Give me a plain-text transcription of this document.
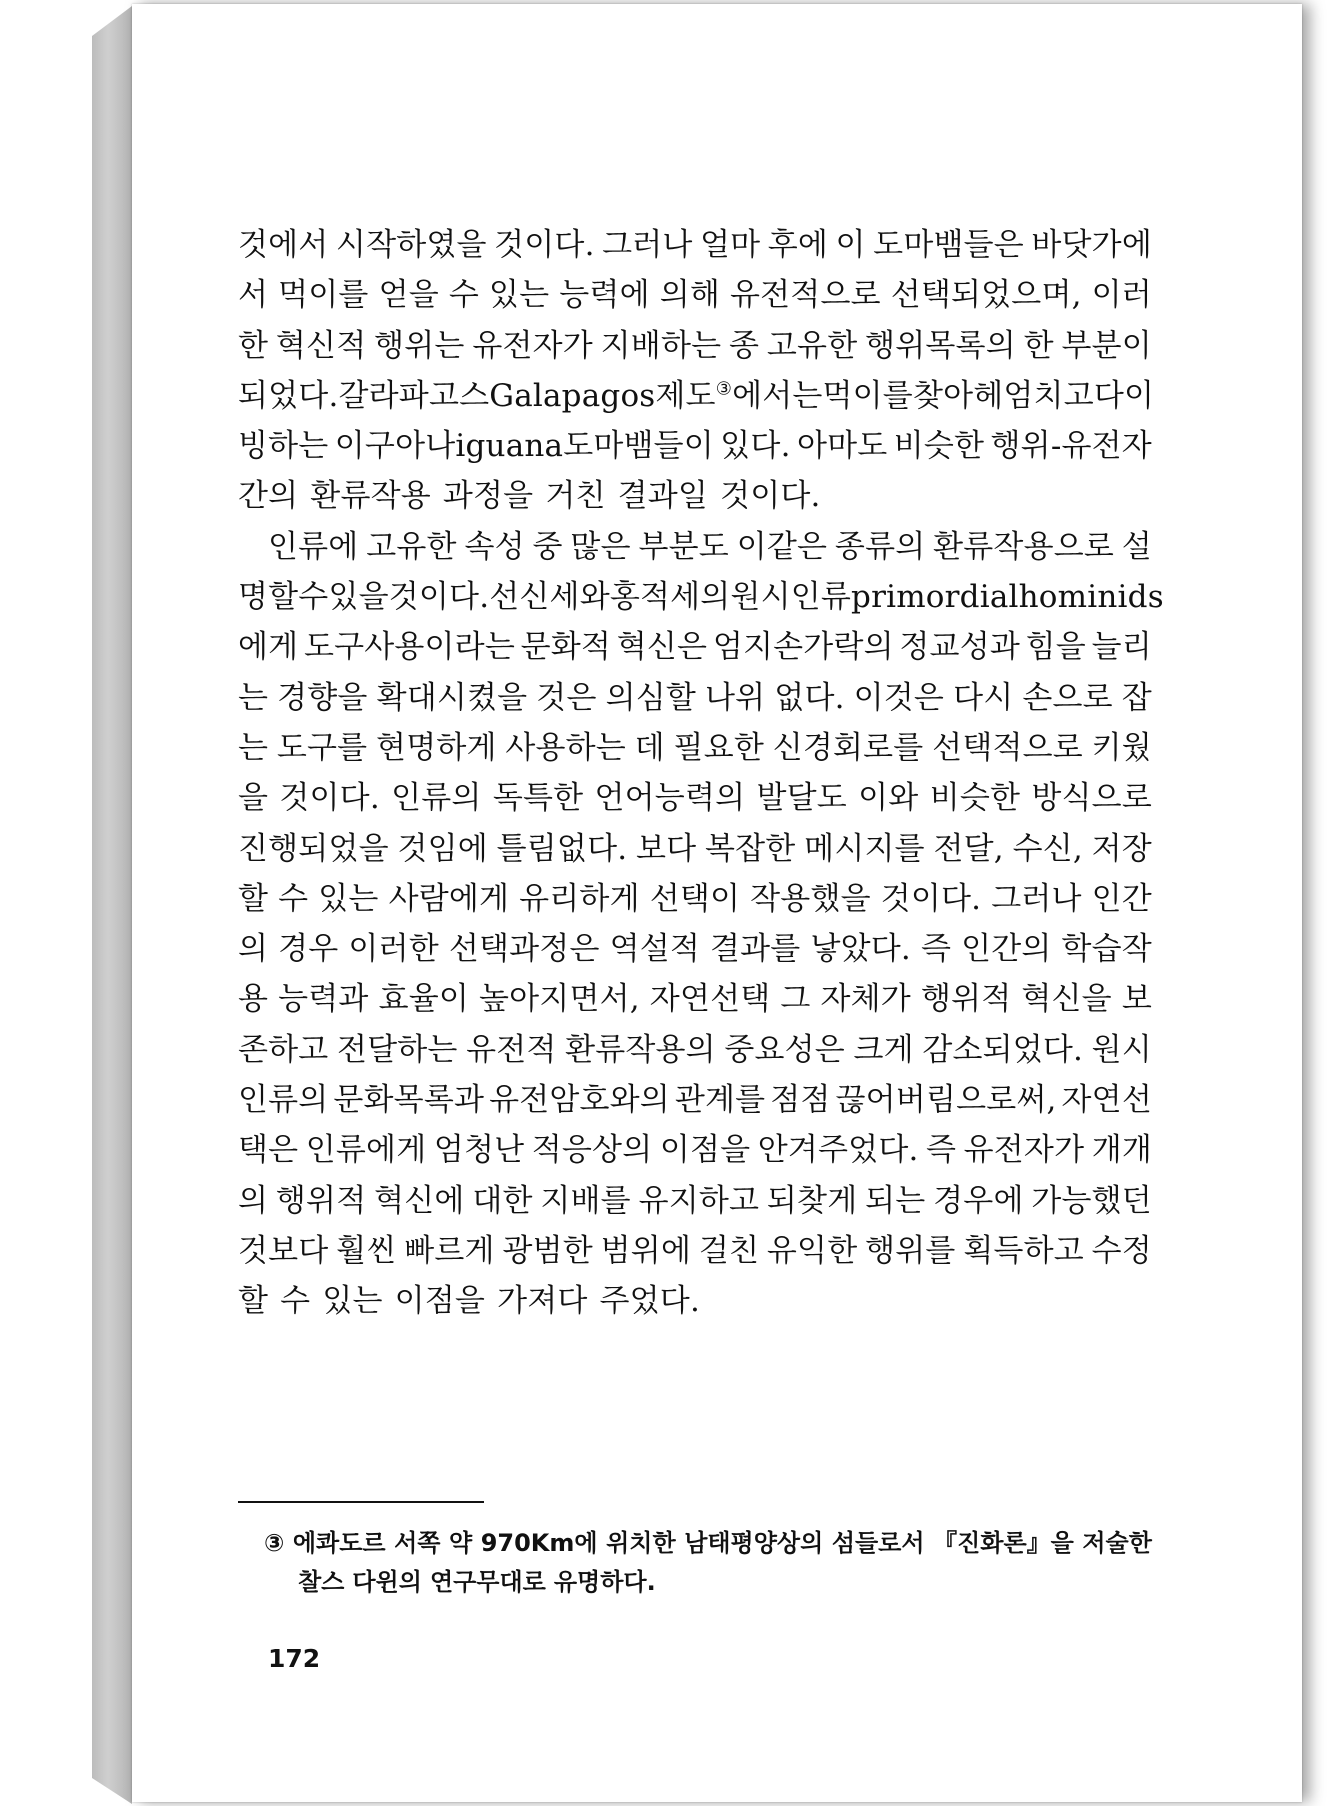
것에서 시작하였을 것이다. 그러나 얼마 후에 이 도마뱀들은 바닷가에
서 먹이를 얻을 수 있는 능력에 의해 유전적으로 선택되었으며, 이러
한 혁신적 행위는 유전자가 지배하는 종 고유한 행위목록의 한 부분이
되었다. 갈라파고스Galapagos제도③에서는 먹이를 찾아 헤엄치고 다이
빙하는 이구아나iguana도마뱀들이 있다. 아마도 비슷한 행위-유전자
간의 환류작용 과정을 거친 결과일 것이다.
인류에 고유한 속성 중 많은 부분도 이같은 종류의 환류작용으로 설
명할 수 있을 것이다. 선신세와 홍적세의 원시인류primordial hominids
에게 도구사용이라는 문화적 혁신은 엄지손가락의 정교성과 힘을 늘리
는 경향을 확대시켰을 것은 의심할 나위 없다. 이것은 다시 손으로 잡
는 도구를 현명하게 사용하는 데 필요한 신경회로를 선택적으로 키웠
을 것이다. 인류의 독특한 언어능력의 발달도 이와 비슷한 방식으로
진행되었을 것임에 틀림없다. 보다 복잡한 메시지를 전달, 수신, 저장
할 수 있는 사람에게 유리하게 선택이 작용했을 것이다. 그러나 인간
의 경우 이러한 선택과정은 역설적 결과를 낳았다. 즉 인간의 학습작
용 능력과 효율이 높아지면서, 자연선택 그 자체가 행위적 혁신을 보
존하고 전달하는 유전적 환류작용의 중요성은 크게 감소되었다. 원시
인류의 문화목록과 유전암호와의 관계를 점점 끊어버림으로써, 자연선
택은 인류에게 엄청난 적응상의 이점을 안겨주었다. 즉 유전자가 개개
의 행위적 혁신에 대한 지배를 유지하고 되찾게 되는 경우에 가능했던
것보다 훨씬 빠르게 광범한 범위에 걸친 유익한 행위를 획득하고 수정
할 수 있는 이점을 가져다 주었다.
③ 에콰도르 서쪽 약 970Km에 위치한 남태평양상의 섬들로서 『진화론』을 저술한
찰스 다윈의 연구무대로 유명하다.
172
